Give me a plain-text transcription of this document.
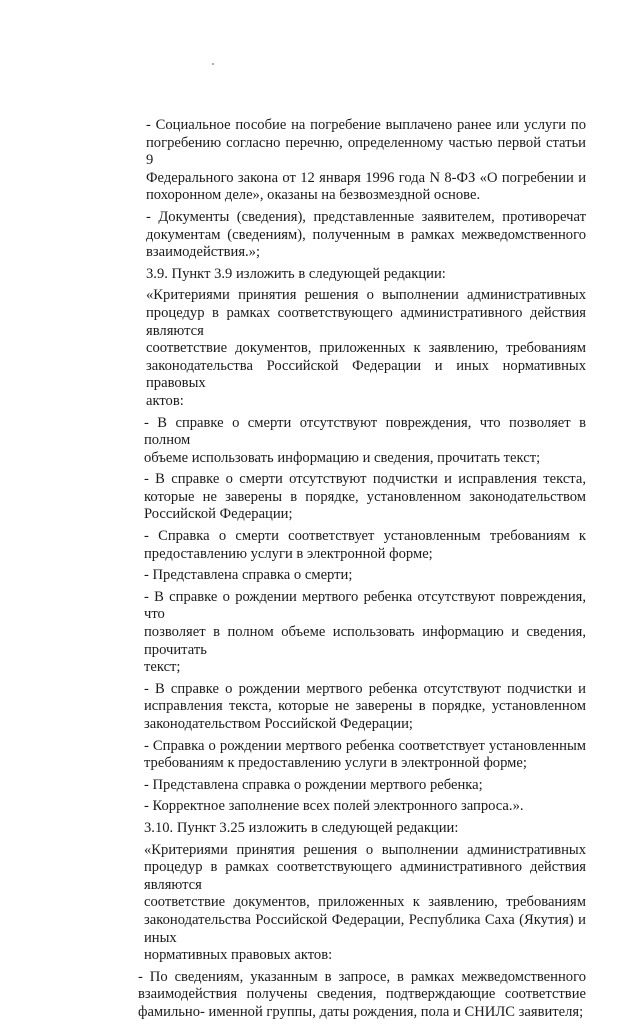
- Социальное пособие на погребение выплачено ранее или услуги по
погребению согласно перечню, определенному частью первой статьи 9
Федерального закона от 12 января 1996 года N 8-ФЗ «О погребении и
похоронном деле», оказаны на безвозмездной основе.
- Документы (сведения), представленные заявителем, противоречат
документам (сведениям), полученным в рамках межведомственного
взаимодействия.»;
3.9. Пункт 3.9 изложить в следующей редакции:
«Критериями принятия решения о выполнении административных
процедур в рамках соответствующего административного действия являются
соответствие документов, приложенных к заявлению, требованиям
законодательства Российской Федерации и иных нормативных правовых
актов:
- В справке о смерти отсутствуют повреждения, что позволяет в полном
объеме использовать информацию и сведения, прочитать текст;
- В справке о смерти отсутствуют подчистки и исправления текста,
которые не заверены в порядке, установленном законодательством
Российской Федерации;
- Справка о смерти соответствует установленным требованиям к
предоставлению услуги в электронной форме;
- Представлена справка о смерти;
- В справке о рождении мертвого ребенка отсутствуют повреждения, что
позволяет в полном объеме использовать информацию и сведения, прочитать
текст;
- В справке о рождении мертвого ребенка отсутствуют подчистки и
исправления текста, которые не заверены в порядке, установленном
законодательством Российской Федерации;
- Справка о рождении мертвого ребенка соответствует установленным
требованиям к предоставлению услуги в электронной форме;
- Представлена справка о рождении мертвого ребенка;
- Корректное заполнение всех полей электронного запроса.».
3.10. Пункт 3.25 изложить в следующей редакции:
«Критериями принятия решения о выполнении административных
процедур в рамках соответствующего административного действия являются
соответствие документов, приложенных к заявлению, требованиям
законодательства Российской Федерации, Республика Саха (Якутия) и иных
нормативных правовых актов:
- По сведениям, указанным в запросе, в рамках межведомственного
взаимодействия получены сведения, подтверждающие соответствие
фамильно- именной группы, даты рождения, пола и СНИЛС заявителя;
